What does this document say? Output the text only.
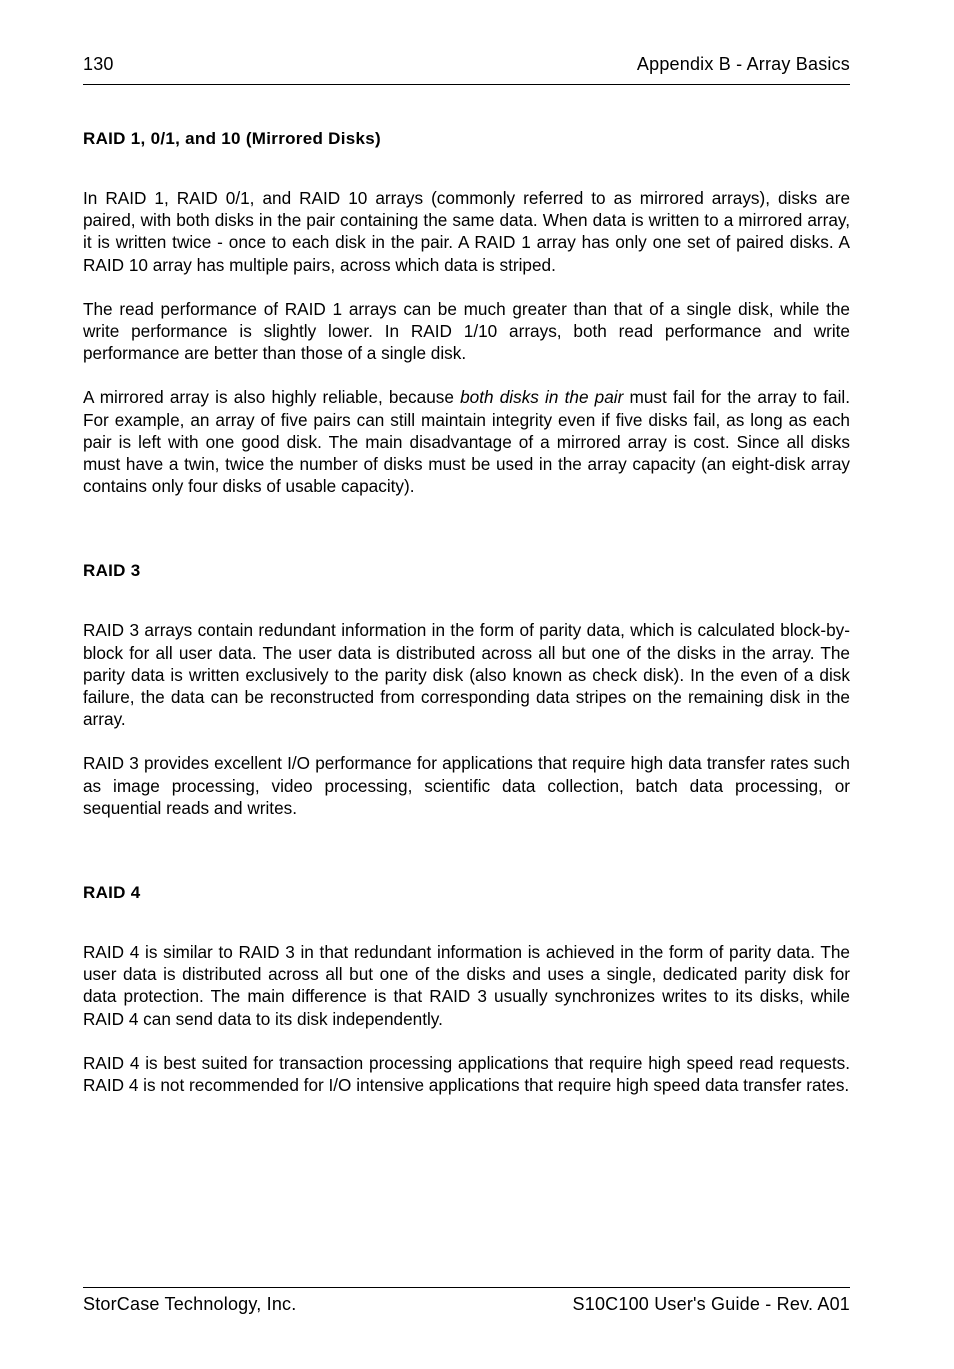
130	Appendix B - Array Basics
RAID 1, 0/1, and 10 (Mirrored Disks)

In RAID 1, RAID 0/1, and RAID 10 arrays (commonly referred to as mirrored arrays), disks are paired, with both disks in the pair containing the same data. When data is written to a mirrored array, it is written twice - once to each disk in the pair. A RAID 1 array has only one set of paired disks. A RAID 10 array has multiple pairs, across which data is striped.

The read performance of RAID 1 arrays can be much greater than that of a single disk, while the write performance is slightly lower. In RAID 1/10 arrays, both read performance and write performance are better than those of a single disk.

A mirrored array is also highly reliable, because both disks in the pair must fail for the array to fail. For example, an array of five pairs can still maintain integrity even if five disks fail, as long as each pair is left with one good disk. The main disadvantage of a mirrored array is cost. Since all disks must have a twin, twice the number of disks must be used in the array capacity (an eight-disk array contains only four disks of usable capacity).

RAID 3

RAID 3 arrays contain redundant information in the form of parity data, which is calculated block-by-block for all user data. The user data is distributed across all but one of the disks in the array. The parity data is written exclusively to the parity disk (also known as check disk). In the even of a disk failure, the data can be reconstructed from corresponding data stripes on the remaining disk in the array.

RAID 3 provides excellent I/O performance for applications that require high data transfer rates such as image processing, video processing, scientific data collection, batch data processing, or sequential reads and writes.

RAID 4

RAID 4 is similar to RAID 3 in that redundant information is achieved in the form of parity data. The user data is distributed across all but one of the disks and uses a single, dedicated parity disk for data protection. The main difference is that RAID 3 usually synchronizes writes to its disks, while RAID 4 can send data to its disk independently.

RAID 4 is best suited for transaction processing applications that require high speed read requests. RAID 4 is not recommended for I/O intensive applications that require high speed data transfer rates.

StorCase Technology, Inc.	S10C100 User's Guide - Rev. A01
